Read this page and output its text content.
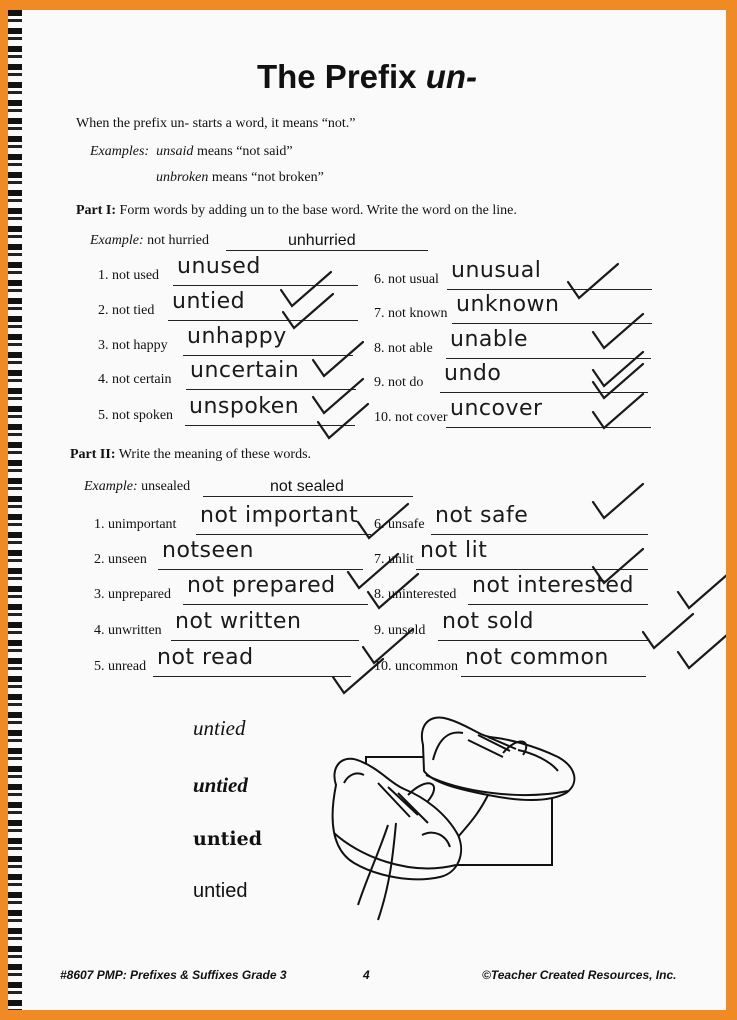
The Prefix un-
When the prefix un- starts a word, it means “not.”
Examples: unsaid means “not said”
unbroken means “not broken”
Part I: Form words by adding un to the base word. Write the word on the line.
Example: not hurried	unhurried
1. not used unused
2. not tied untied
3. not happy unhappy
4. not certain uncertain
5. not spoken unspoken
6. not usual unusual
7. not known unknown
8. not able unable
9. not do undo
10. not cover uncover
Part II: Write the meaning of these words.
Example: unsealed	not sealed
1. unimportant not important
2. unseen notseen
3. unprepared not prepared
4. unwritten not written
5. unread not read
6. unsafe not safe
7. unlit not lit
8. uninterested not interested
9. unsold not sold
10. uncommon not common
untied
untied
untied
untied
#8607 PMP: Prefixes & Suffixes Grade 3	4	©Teacher Created Resources, Inc.
